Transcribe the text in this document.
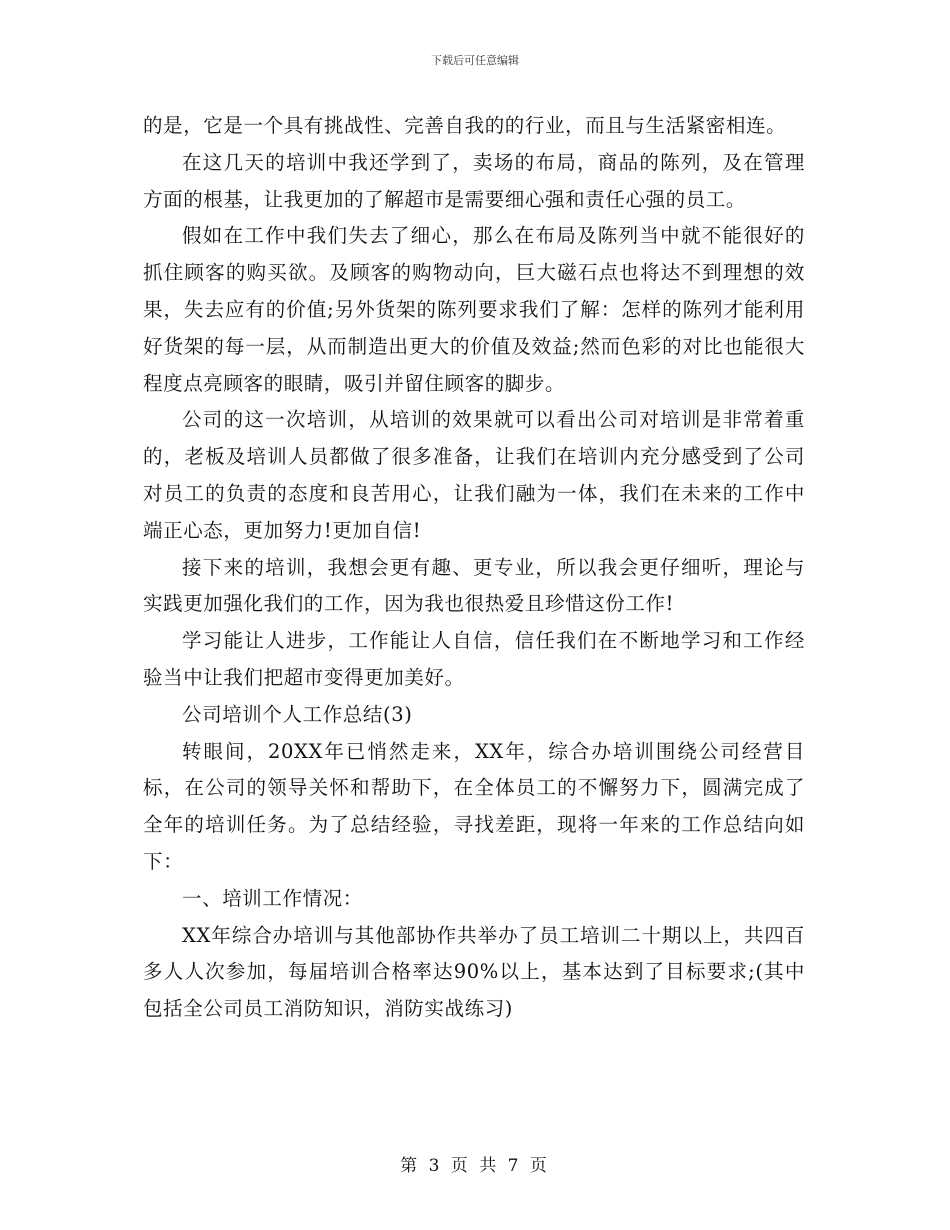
下载后可任意编辑

的是，它是一个具有挑战性、完善自我的的行业，而且与生活紧密相连。

在这几天的培训中我还学到了，卖场的布局，商品的陈列，及在管理方面的根基，让我更加的了解超市是需要细心强和责任心强的员工。

假如在工作中我们失去了细心，那么在布局及陈列当中就不能很好的抓住顾客的购买欲。及顾客的购物动向，巨大磁石点也将达不到理想的效果，失去应有的价值;另外货架的陈列要求我们了解：怎样的陈列才能利用好货架的每一层，从而制造出更大的价值及效益;然而色彩的对比也能很大程度点亮顾客的眼睛，吸引并留住顾客的脚步。

公司的这一次培训，从培训的效果就可以看出公司对培训是非常着重的，老板及培训人员都做了很多准备，让我们在培训内充分感受到了公司对员工的负责的态度和良苦用心，让我们融为一体，我们在未来的工作中端正心态，更加努力!更加自信!

接下来的培训，我想会更有趣、更专业，所以我会更仔细听，理论与实践更加强化我们的工作，因为我也很热爱且珍惜这份工作!

学习能让人进步，工作能让人自信，信任我们在不断地学习和工作经验当中让我们把超市变得更加美好。

公司培训个人工作总结(3)

转眼间，20XX年已悄然走来，XX年，综合办培训围绕公司经营目标，在公司的领导关怀和帮助下，在全体员工的不懈努力下，圆满完成了全年的培训任务。为了总结经验，寻找差距，现将一年来的工作总结向如下：

一、培训工作情况：

XX年综合办培训与其他部协作共举办了员工培训二十期以上，共四百多人人次参加，每届培训合格率达90%以上，基本达到了目标要求;(其中包括全公司员工消防知识，消防实战练习)

第 3 页 共 7 页
